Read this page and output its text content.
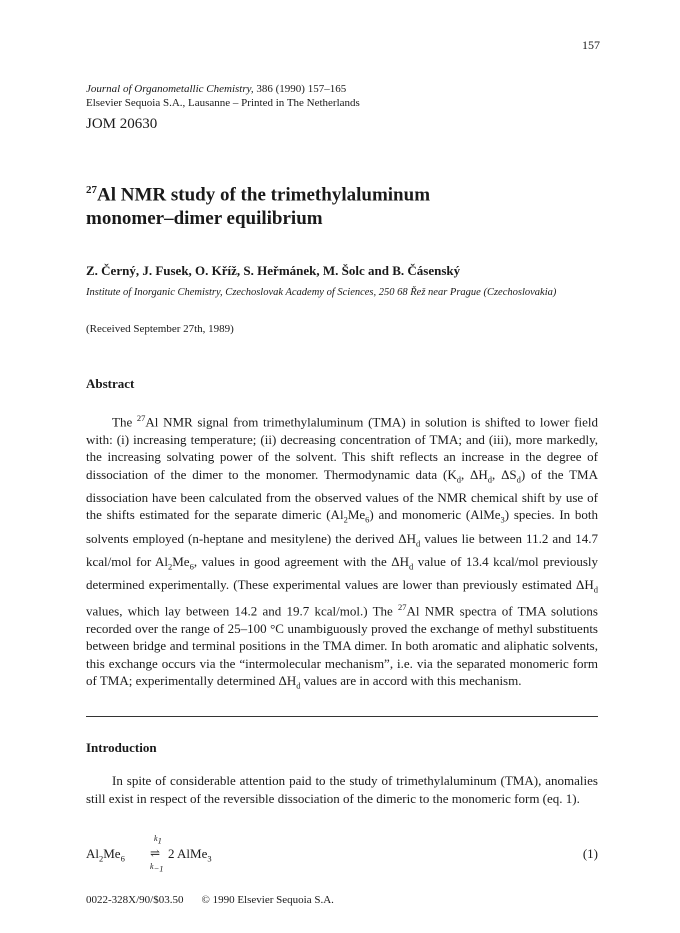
157
Journal of Organometallic Chemistry, 386 (1990) 157–165
Elsevier Sequoia S.A., Lausanne – Printed in The Netherlands
JOM 20630
$^{27}$Al NMR study of the trimethylaluminum
monomer–dimer equilibrium
Z. Černý, J. Fusek, O. Kříž, S. Heřmánek, M. Šolc and B. Čásenský
Institute of Inorganic Chemistry, Czechoslovak Academy of Sciences, 250 68 Řež near Prague (Czechoslovakia)
(Received September 27th, 1989)
Abstract
The $^{27}$Al NMR signal from trimethylaluminum (TMA) in solution is shifted to lower field with: (i) increasing temperature; (ii) decreasing concentration of TMA; and (iii), more markedly, the increasing solvating power of the solvent. This shift reflects an increase in the degree of dissociation of the dimer to the monomer. Thermodynamic data ($K_d$, $\Delta H_d$, $\Delta S_d$) of the TMA dissociation have been calculated from the observed values of the NMR chemical shift by use of the shifts estimated for the separate dimeric $(Al_2Me_6)$ and monomeric (AlMe$_3$) species. In both solvents employed (n-heptane and mesitylene) the derived $\Delta H_d$ values lie between 11.2 and 14.7 kcal/mol for $Al_2Me_6$, values in good agreement with the $\Delta H_d$ value of 13.4 kcal/mol previously determined experimentally. (These experimental values are lower than previously estimated $\Delta H_d$ values, which lay between 14.2 and 19.7 kcal/mol.) The $^{27}$Al NMR spectra of TMA solutions recorded over the range of 25–100 °C unambiguously proved the exchange of methyl substituents between bridge and terminal positions in the TMA dimer. In both aromatic and aliphatic solvents, this exchange occurs via the “intermolecular mechanism”, i.e. via the separated monomeric form of TMA; experimentally determined $\Delta H_d$ values are in accord with this mechanism.
Introduction
In spite of considerable attention paid to the study of trimethylaluminum (TMA), anomalies still exist in respect of the reversible dissociation of the dimeric to the monomeric form (eq. 1).
$Al_2Me_6$
$k_1$
⇌
$k_{-1}$
2 AlMe$_3$	(1)
0022-328X/90/$03.50 © 1990 Elsevier Sequoia S.A.
